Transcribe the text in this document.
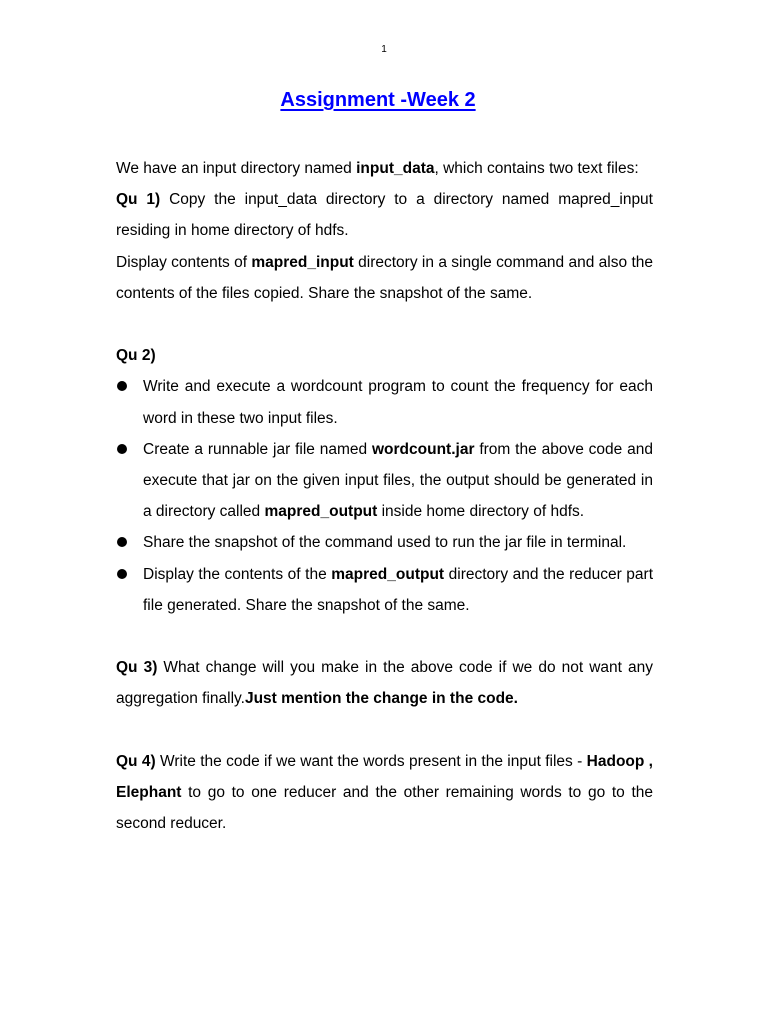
1
Assignment -Week 2

We have an input directory named input_data, which contains two text files:

Qu 1) Copy the input_data directory to a directory named mapred_input residing in home directory of hdfs.

Display contents of mapred_input directory in a single command and also the contents of the files copied. Share the snapshot of the same.

Qu 2)

Write and execute a wordcount program to count the frequency for each word in these two input files.
Create a runnable jar file named wordcount.jar from the above code and execute that jar on the given input files, the output should be generated in a directory called mapred_output inside home directory of hdfs.
Share the snapshot of the command used to run the jar file in terminal.
Display the contents of the mapred_output directory and the reducer part file generated. Share the snapshot of the same.

Qu 3) What change will you make in the above code if we do not want any aggregation finally.Just mention the change in the code.

Qu 4) Write the code if we want the words present in the input files - Hadoop , Elephant to go to one reducer and the other remaining words to go to the second reducer.
